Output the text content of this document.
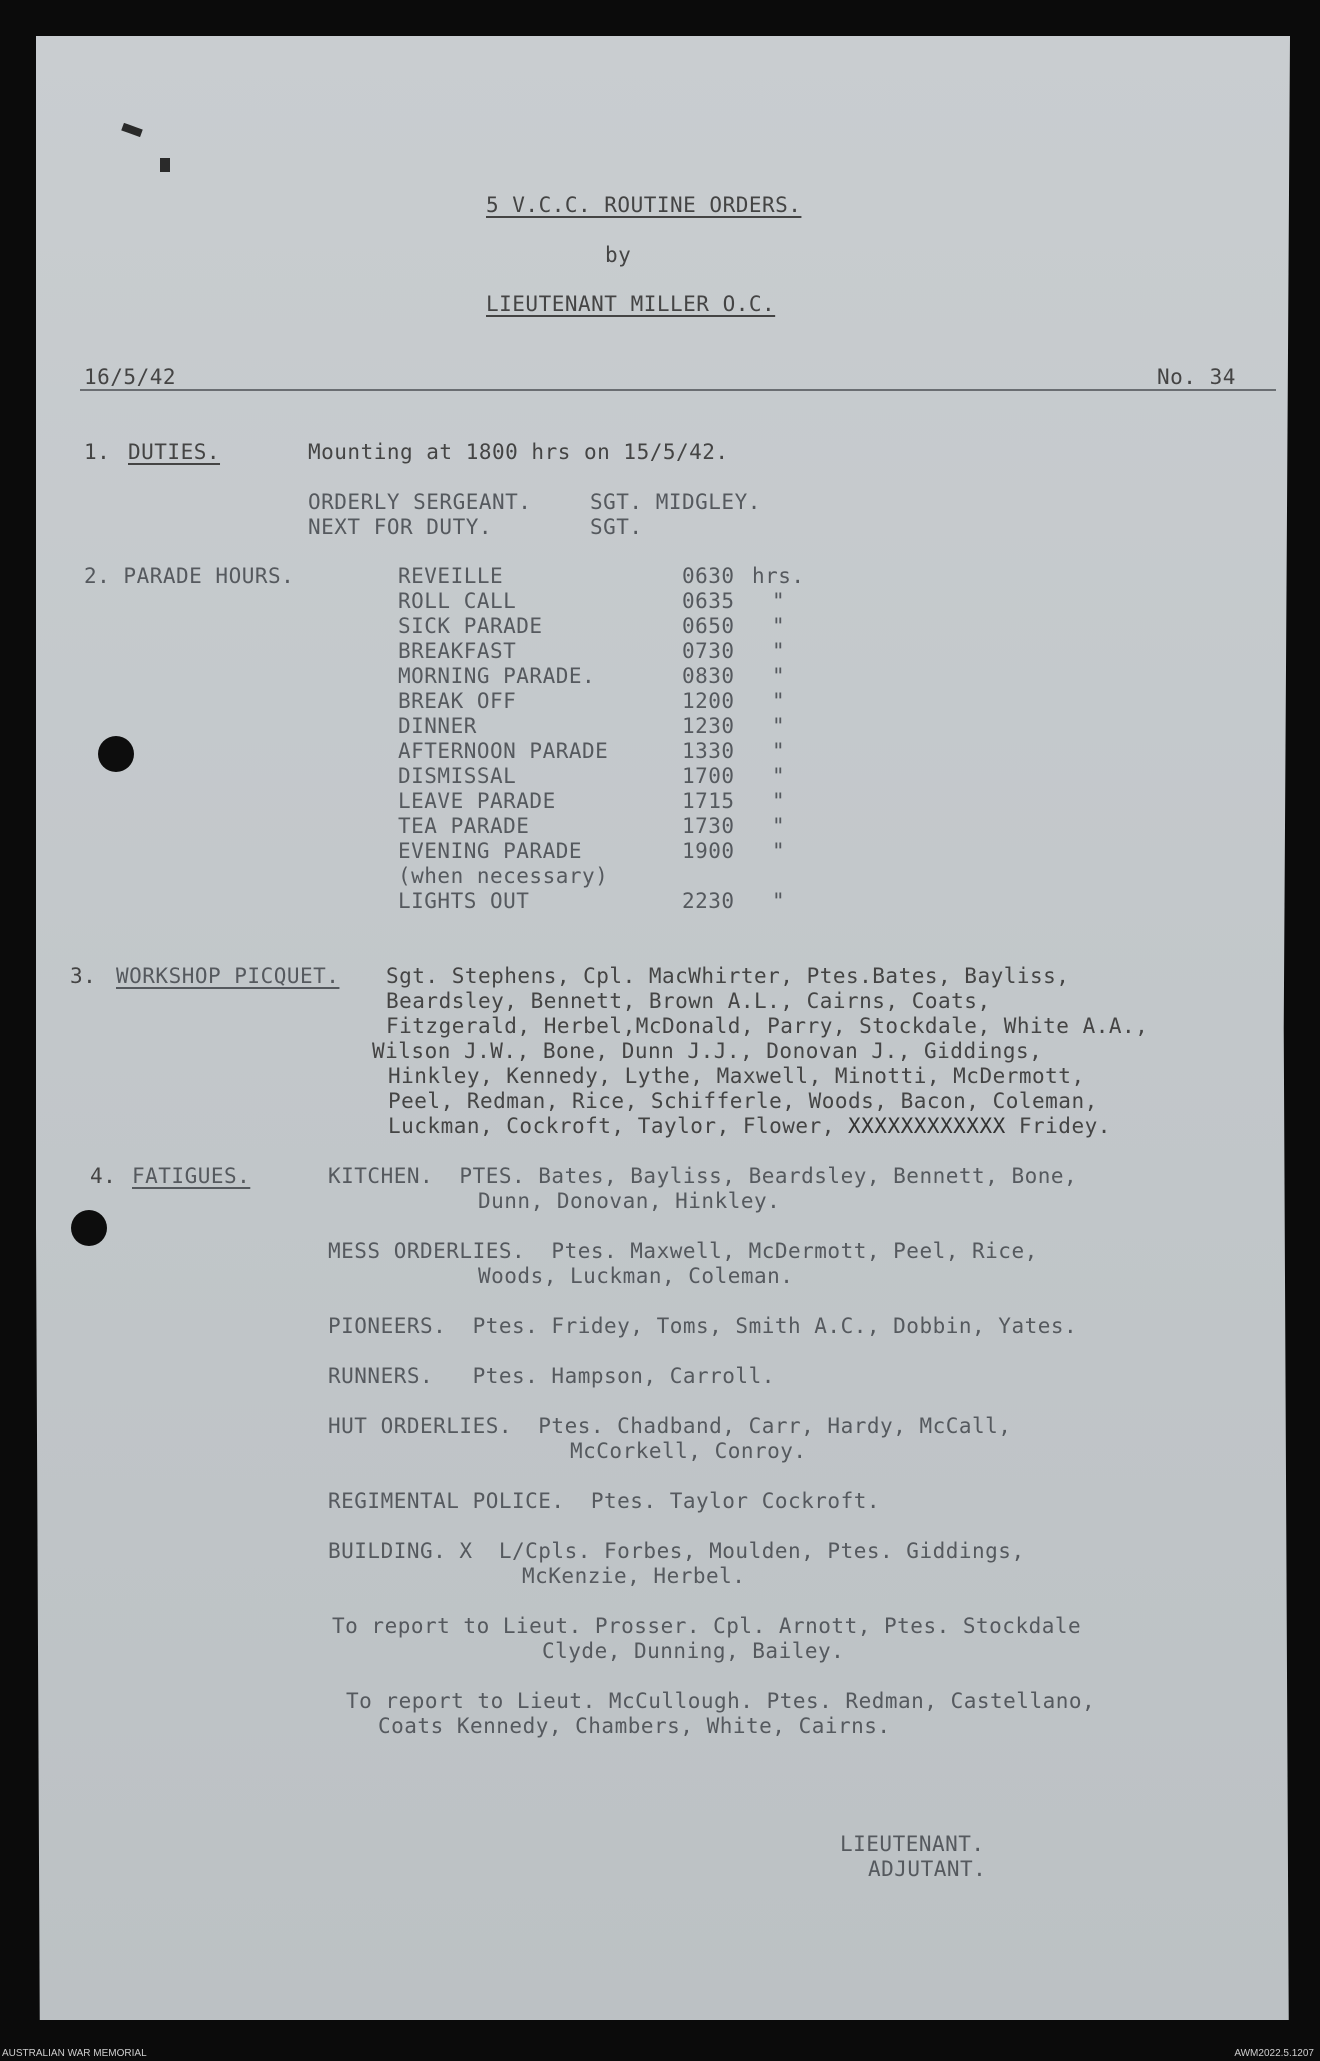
5 V.C.C. ROUTINE ORDERS.
by
LIEUTENANT MILLER O.C.
16/5/42	No. 34
1. DUTIES.	Mounting at 1800 hrs on 15/5/42.
ORDERLY SERGEANT.	SGT. MIDGLEY.
NEXT FOR DUTY.	SGT.
2. PARADE HOURS.	REVEILLE	0630 hrs.
ROLL CALL	0635 "
SICK PARADE	0650 "
BREAKFAST	0730 "
MORNING PARADE.	0830 "
BREAK OFF	1200 "
DINNER	1230 "
AFTERNOON PARADE	1330 "
DISMISSAL	1700 "
LEAVE PARADE	1715 "
TEA PARADE	1730 "
EVENING PARADE	1900 "
(when necessary)
LIGHTS OUT	2230 "
3. WORKSHOP PICQUET. Sgt. Stephens, Cpl. MacWhirter, Ptes.Bates, Bayliss,
Beardsley, Bennett, Brown A.L., Cairns, Coats,
Fitzgerald, Herbel,McDonald, Parry, Stockdale, White A.A.,
Wilson J.W., Bone, Dunn J.J., Donovan J., Giddings,
Hinkley, Kennedy, Lythe, Maxwell, Minotti, McDermott,
Peel, Redman, Rice, Schifferle, Woods, Bacon, Coleman,
Luckman, Cockroft, Taylor, Flower, XXXXXXXXXXXX Fridey.
4. FATIGUES.	KITCHEN.  PTES. Bates, Bayliss, Beardsley, Bennett, Bone,
Dunn, Donovan, Hinkley.
MESS ORDERLIES.  Ptes. Maxwell, McDermott, Peel, Rice,
Woods, Luckman, Coleman.
PIONEERS.  Ptes. Fridey, Toms, Smith A.C., Dobbin, Yates.
RUNNERS.   Ptes. Hampson, Carroll.
HUT ORDERLIES.  Ptes. Chadband, Carr, Hardy, McCall,
McCorkell, Conroy.
REGIMENTAL POLICE.  Ptes. Taylor Cockroft.
BUILDING. X  L/Cpls. Forbes, Moulden, Ptes. Giddings,
McKenzie, Herbel.
To report to Lieut. Prosser. Cpl. Arnott, Ptes. Stockdale
Clyde, Dunning, Bailey.
To report to Lieut. McCullough. Ptes. Redman, Castellano,
Coats Kennedy, Chambers, White, Cairns.
LIEUTENANT.
ADJUTANT.
AUSTRALIAN WAR MEMORIAL	AWM2022.5.1207
